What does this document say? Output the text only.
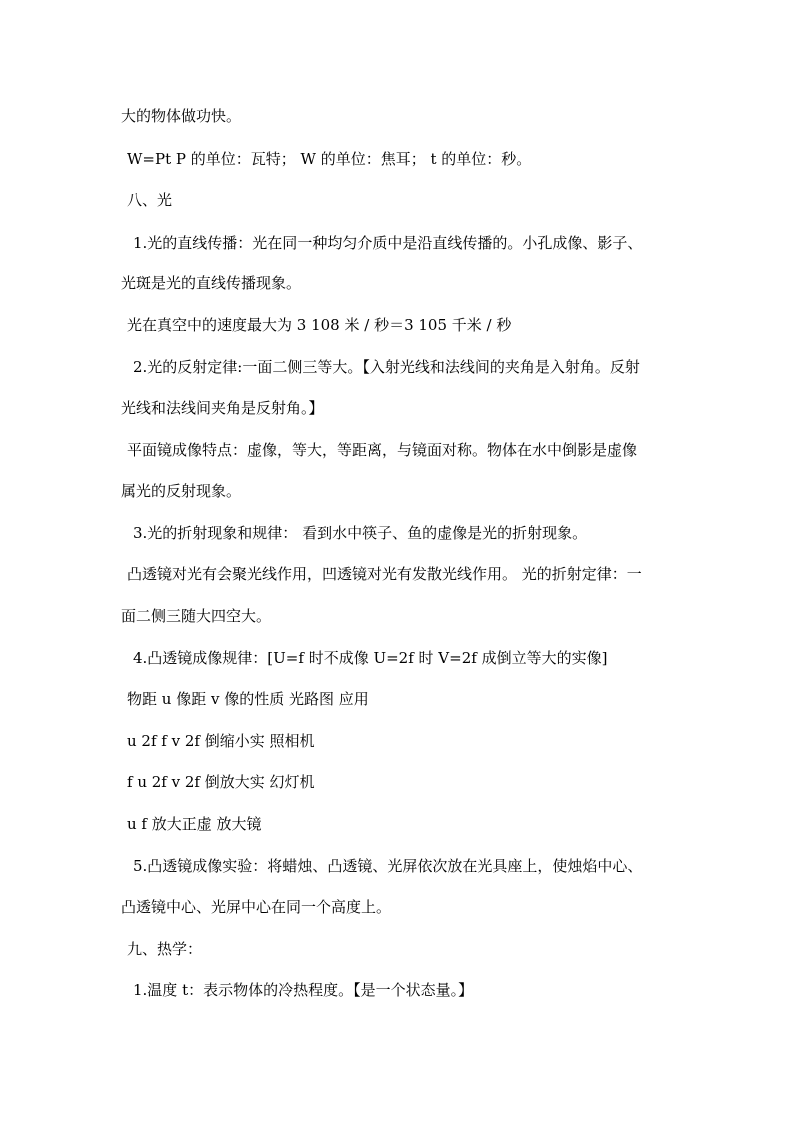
大的物体做功快。
W=Pt P 的单位：瓦特； W 的单位：焦耳； t 的单位：秒。
八、光
1.光的直线传播：光在同一种均匀介质中是沿直线传播的。小孔成像、影子、
光斑是光的直线传播现象。
光在真空中的速度最大为 3 108 米 / 秒＝3 105 千米 / 秒
2.光的反射定律:一面二侧三等大。【入射光线和法线间的夹角是入射角。反射
光线和法线间夹角是反射角。】
平面镜成像特点：虚像，等大，等距离，与镜面对称。物体在水中倒影是虚像
属光的反射现象。
3.光的折射现象和规律： 看到水中筷子、鱼的虚像是光的折射现象。
凸透镜对光有会聚光线作用，凹透镜对光有发散光线作用。 光的折射定律：一
面二侧三随大四空大。
4.凸透镜成像规律：[U=f 时不成像 U=2f 时 V=2f 成倒立等大的实像]
物距 u 像距 v 像的性质 光路图 应用
u 2f f v 2f 倒缩小实 照相机
f u 2f v 2f 倒放大实 幻灯机
u f 放大正虚 放大镜
5.凸透镜成像实验：将蜡烛、凸透镜、光屏依次放在光具座上，使烛焰中心、
凸透镜中心、光屏中心在同一个高度上。
九、热学：
1.温度 t：表示物体的冷热程度。【是一个状态量。】
